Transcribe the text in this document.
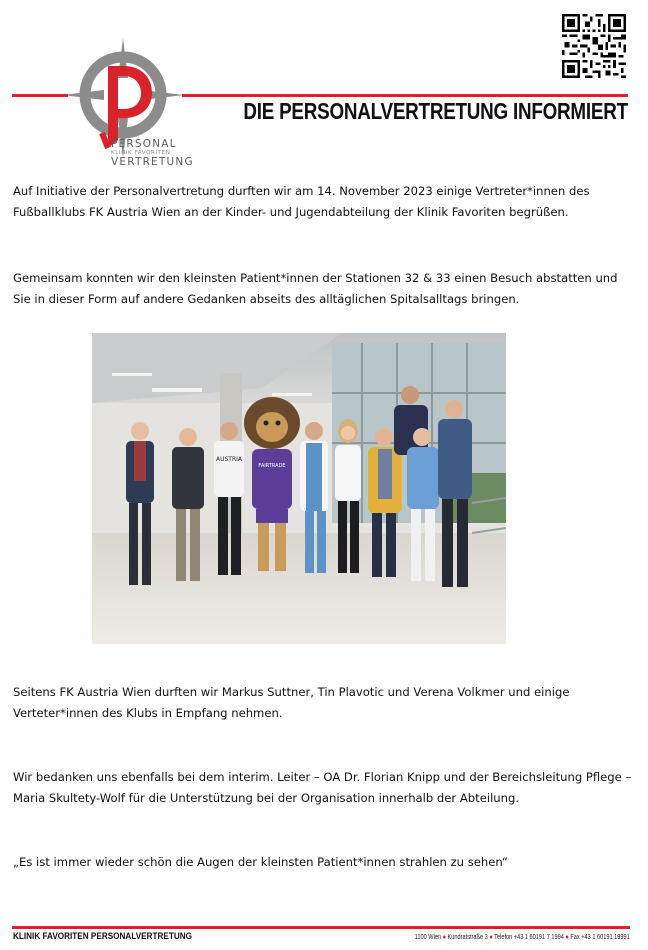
PERSONAL
KLINIK FAVORITEN
VERTRETUNG
DIE PERSONALVERTRETUNG INFORMIERT

Auf Initiative der Personalvertretung durften wir am 14. November 2023 einige Vertreter*innen des Fußballklubs FK Austria Wien an der Kinder- und Jugendabteilung der Klinik Favoriten begrüßen.

Gemeinsam konnten wir den kleinsten Patient*innen der Stationen 32 & 33 einen Besuch abstatten und Sie in dieser Form auf andere Gedanken abseits des alltäglichen Spitalsalltags bringen.

AUSTRIA
FAIRTRADE

Seitens FK Austria Wien durften wir Markus Suttner, Tin Plavotic und Verena Volkmer und einige Verteter*innen des Klubs in Empfang nehmen.

Wir bedanken uns ebenfalls bei dem interim. Leiter – OA Dr. Florian Knipp und der Bereichsleitung Pflege – Maria Skultety-Wolf für die Unterstützung bei der Organisation innerhalb der Abteilung.

„Es ist immer wieder schön die Augen der kleinsten Patient*innen strahlen zu sehen“

KLINIK FAVORITEN PERSONALVERTRETUNG	1100 Wien ● Kundratstraße 3 ● Telefon +43 1 60191 7 1994 ● Fax +43 1 60191 19991
